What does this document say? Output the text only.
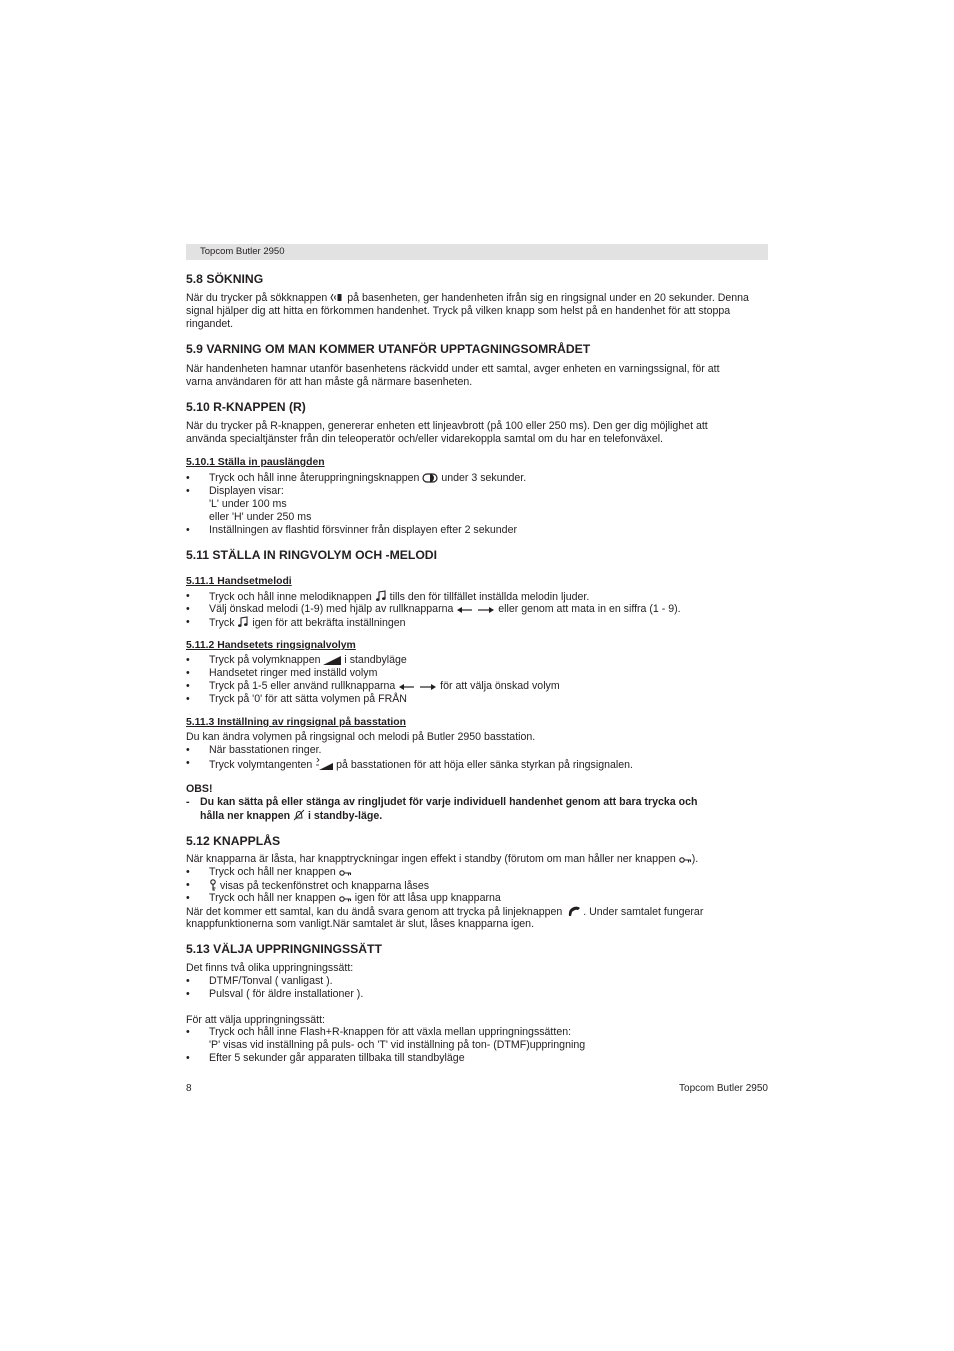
Topcom Butler 2950
5.8 SÖKNING
När du trycker på sökknappen på basenheten, ger handenheten ifrån sig en ringsignal under en 20 sekunder. Denna
signal hjälper dig att hitta en förkommen handenhet. Tryck på vilken knapp som helst på en handenhet för att stoppa
ringandet.
5.9 VARNING OM MAN KOMMER UTANFÖR UPPTAGNINGSOMRÅDET
När handenheten hamnar utanför basenhetens räckvidd under ett samtal, avger enheten en varningssignal, för att
varna användaren för att han måste gå närmare basenheten.
5.10 R-KNAPPEN (R)
När du trycker på R-knappen, genererar enheten ett linjeavbrott (på 100 eller 250 ms). Den ger dig möjlighet att
använda specialtjänster från din teleoperatör och/eller vidarekoppla samtal om du har en telefonväxel.
5.10.1 Ställa in pauslängden
• Tryck och håll inne återuppringningsknappen under 3 sekunder.
• Displayen visar:
'L' under 100 ms
eller 'H' under 250 ms
• Inställningen av flashtid försvinner från displayen efter 2 sekunder
5.11 STÄLLA IN RINGVOLYM OCH -MELODI
5.11.1 Handsetmelodi
• Tryck och håll inne melodiknappen tills den för tillfället inställda melodin ljuder.
• Välj önskad melodi (1-9) med hjälp av rullknapparna	eller genom att mata in en siffra (1 - 9).
• Tryck igen för att bekräfta inställningen
5.11.2 Handsetets ringsignalvolym
• Tryck på volymknappen i standbyläge
• Handsetet ringer med inställd volym
• Tryck på 1-5 eller använd rullknapparna	för att välja önskad volym
• Tryck på '0' för att sätta volymen på FRÅN
5.11.3 Inställning av ringsignal på basstation
Du kan ändra volymen på ringsignal och melodi på Butler 2950 basstation.
• När basstationen ringer.
• Tryck volymtangenten på basstationen för att höja eller sänka styrkan på ringsignalen.
OBS!
- Du kan sätta på eller stänga av ringljudet för varje individuell handenhet genom att bara trycka och
hålla ner knappen i standby-läge.
5.12 KNAPPLÅS
När knapparna är låsta, har knapptryckningar ingen effekt i standby (förutom om man håller ner knappen ).
• Tryck och håll ner knappen
•	visas på teckenfönstret och knapparna låses
• Tryck och håll ner knappen igen för att låsa upp knapparna
När det kommer ett samtal, kan du ändå svara genom att trycka på linjeknappen . Under samtalet fungerar
knappfunktionerna som vanligt.När samtalet är slut, låses knapparna igen.
5.13 VÄLJA UPPRINGNINGSSÄTT
Det finns två olika uppringningssätt:
• DTMF/Tonval ( vanligast ).
• Pulsval ( för äldre installationer ).
För att välja uppringningssätt:
• Tryck och håll inne Flash+R-knappen för att växla mellan uppringningssätten:
'P' visas vid inställning på puls- och 'T' vid inställning på ton- (DTMF)uppringning
• Efter 5 sekunder går apparaten tillbaka till standbyläge
8	Topcom Butler 2950
